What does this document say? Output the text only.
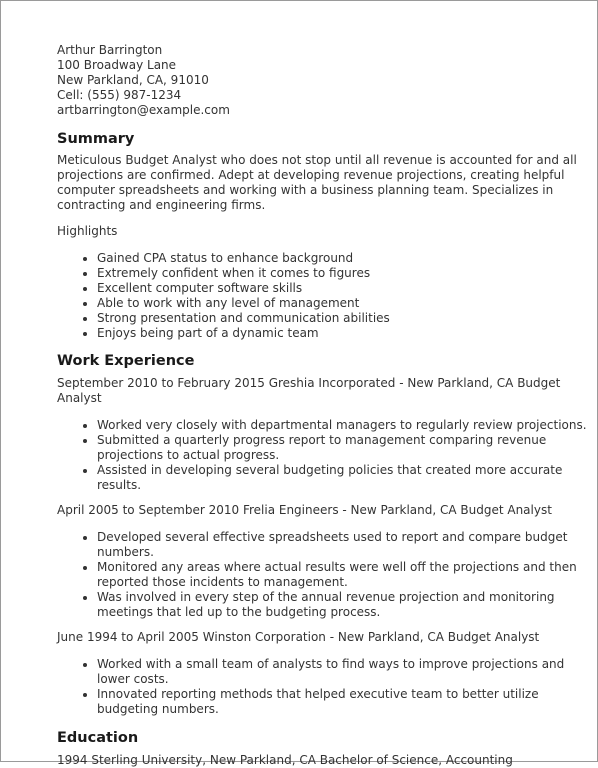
Arthur Barrington
100 Broadway Lane
New Parkland, CA, 91010
Cell: (555) 987-1234
artbarrington@example.com
Summary
Meticulous Budget Analyst who does not stop until all revenue is accounted for and all projections are confirmed. Adept at developing revenue projections, creating helpful computer spreadsheets and working with a business planning team. Specializes in contracting and engineering firms.
Highlights
• Gained CPA status to enhance background
• Extremely confident when it comes to figures
• Excellent computer software skills
• Able to work with any level of management
• Strong presentation and communication abilities
• Enjoys being part of a dynamic team
Work Experience
September 2010 to February 2015 Greshia Incorporated - New Parkland, CA Budget Analyst
• Worked very closely with departmental managers to regularly review projections.
• Submitted a quarterly progress report to management comparing revenue projections to actual progress.
• Assisted in developing several budgeting policies that created more accurate results.
April 2005 to September 2010 Frelia Engineers - New Parkland, CA Budget Analyst
• Developed several effective spreadsheets used to report and compare budget numbers.
• Monitored any areas where actual results were well off the projections and then reported those incidents to management.
• Was involved in every step of the annual revenue projection and monitoring meetings that led up to the budgeting process.
June 1994 to April 2005 Winston Corporation - New Parkland, CA Budget Analyst
• Worked with a small team of analysts to find ways to improve projections and lower costs.
• Innovated reporting methods that helped executive team to better utilize budgeting numbers.
Education
1994 Sterling University, New Parkland, CA Bachelor of Science, Accounting
